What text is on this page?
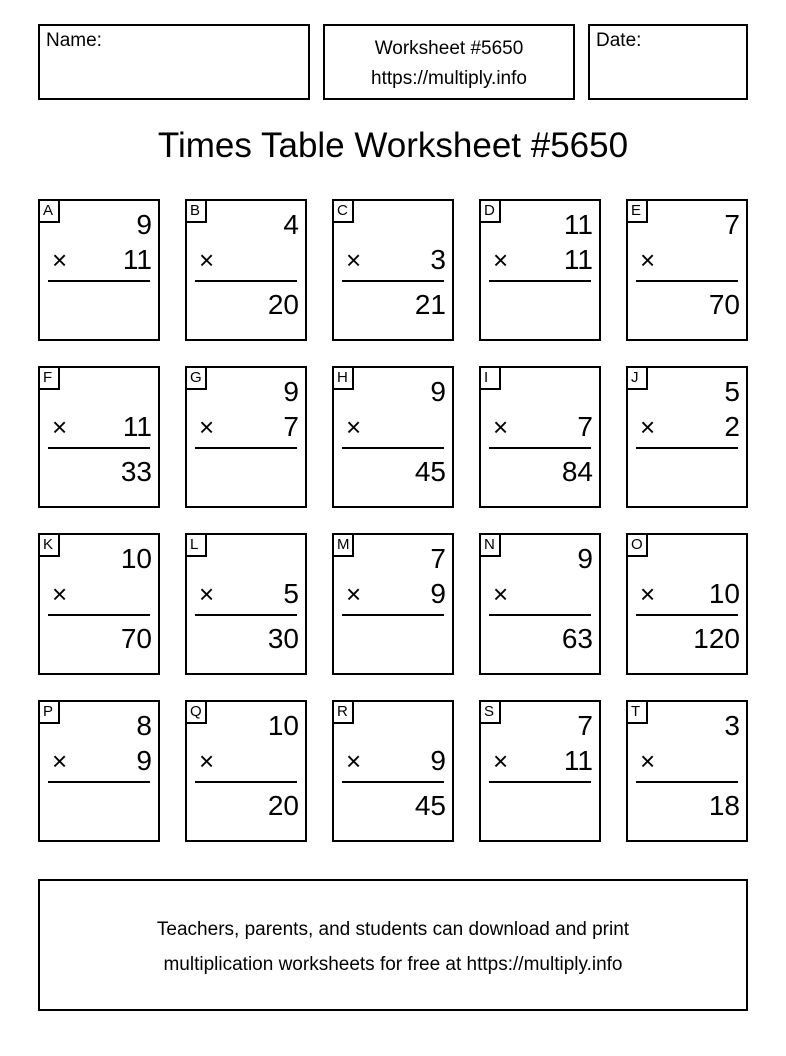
Name:	Worksheet #5650
https://multiply.info
Date:
Times Table Worksheet #5650
A	9
× 11
B	4
×
20
C
× 3
21
D 11
× 11
E	7
×
70
F
× 11
33
G	9
× 7
H	9
×
45
I
× 7
84
J	5
× 2
K 10
×
70
L
× 5
30
M	7
× 9
N	9
×
63
O
× 10
120
P	8
× 9
Q 10
×
20
R
× 9
45
S	7
× 11
T	3
×
18
Teachers, parents, and students can download and print
multiplication worksheets for free at https://multiply.info
